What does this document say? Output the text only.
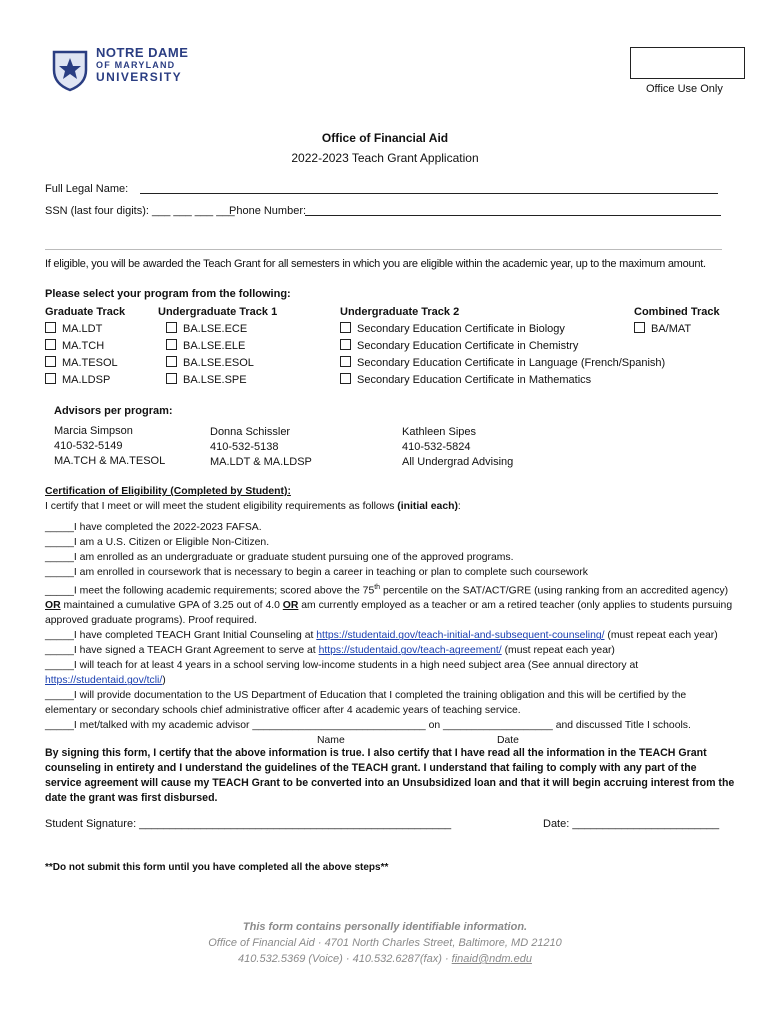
NOTRE DAME
OF MARYLAND
UNIVERSITY
Office Use Only
Office of Financial Aid
2022-2023 Teach Grant Application
Full Legal Name:
SSN (last four digits): ___ ___ ___ ___
Phone Number:
If eligible, you will be awarded the Teach Grant for all semesters in which you are eligible within the academic year, up to the maximum amount.
Please select your program from the following:
Graduate Track
MA.LDT
MA.TCH
MA.TESOL
MA.LDSP
Undergraduate Track 1
BA.LSE.ECE
BA.LSE.ELE
BA.LSE.ESOL
BA.LSE.SPE
Undergraduate Track 2
Secondary Education Certificate in Biology
Secondary Education Certificate in Chemistry
Secondary Education Certificate in Language (French/Spanish)
Secondary Education Certificate in Mathematics
Combined Track
BA/MAT
Advisors per program:
Marcia Simpson
410-532-5149
MA.TCH & MA.TESOL
Donna Schissler
410-532-5138
MA.LDT & MA.LDSP
Kathleen Sipes
410-532-5824
All Undergrad Advising

Certification of Eligibility (Completed by Student):

I certify that I meet or will meet the student eligibility requirements as follows (initial each):

_____I have completed the 2022-2023 FAFSA.

_____I am a U.S. Citizen or Eligible Non-Citizen.

_____I am enrolled as an undergraduate or graduate student pursuing one of the approved programs.

_____I am enrolled in coursework that is necessary to begin a career in teaching or plan to complete such coursework

_____I meet the following academic requirements; scored above the 75th percentile on the SAT/ACT/GRE (using ranking from an accredited agency) OR maintained a cumulative GPA of 3.25 out of 4.0 OR am currently employed as a teacher or am a retired teacher (only applies to students pursuing approved graduate programs). Proof required.

_____I have completed TEACH Grant Initial Counseling at https://studentaid.gov/teach-initial-and-subsequent-counseling/ (must repeat each year)

_____I have signed a TEACH Grant Agreement to serve at https://studentaid.gov/teach-agreement/ (must repeat each year)

_____I will teach for at least 4 years in a school serving low-income students in a high need subject area (See annual directory at https://studentaid.gov/tcli/)

_____I will provide documentation to the US Department of Education that I completed the training obligation and this will be certified by the elementary or secondary schools chief administrative officer after 4 academic years of teaching service.

_____I met/talked with my academic advisor ______________________________ on ___________________ and discussed Title I schools.

Name	Date

By signing this form, I certify that the above information is true. I also certify that I have read all the information in the TEACH Grant counseling in entirety and I understand the guidelines of the TEACH grant. I understand that failing to comply with any part of the service agreement will cause my TEACH Grant to be converted into an Unsubsidized loan and that it will begin accruing interest from the date the grant was first disbursed.

Student Signature: ___________________________________________________	Date: ________________________
**Do not submit this form until you have completed all the above steps**
This form contains personally identifiable information.
Office of Financial Aid · 4701 North Charles Street, Baltimore, MD 21210
410.532.5369 (Voice) · 410.532.6287(fax) · finaid@ndm.edu
